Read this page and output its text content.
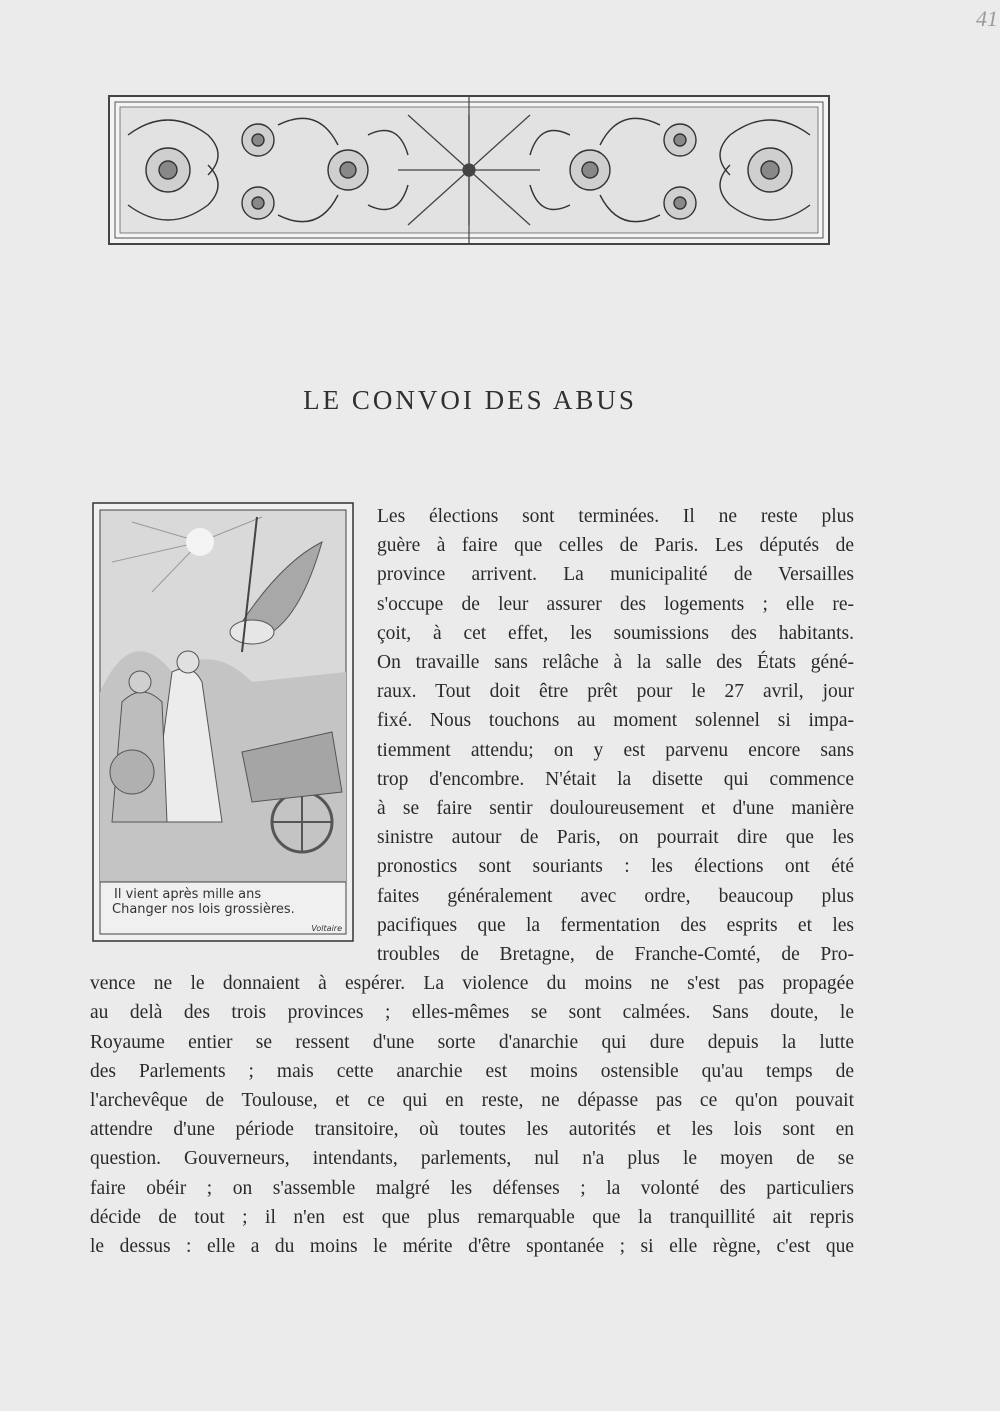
41
LE CONVOI DES ABUS
Il vient après mille ans
Changer nos lois grossières.
Voltaire
Les élections sont terminées. Il ne reste plus
guère à faire que celles de Paris. Les députés de
province arrivent. La municipalité de Versailles
s'occupe de leur assurer des logements ; elle re-
çoit, à cet effet, les soumissions des habitants.
On travaille sans relâche à la salle des États géné-
raux. Tout doit être prêt pour le 27 avril, jour
fixé. Nous touchons au moment solennel si impa-
tiemment attendu; on y est parvenu encore sans
trop d'encombre. N'était la disette qui commence
à se faire sentir douloureusement et d'une manière
sinistre autour de Paris, on pourrait dire que les
pronostics sont souriants : les élections ont été
faites généralement avec ordre, beaucoup plus
pacifiques que la fermentation des esprits et les
troubles de Bretagne, de Franche-Comté, de Pro-
vence ne le donnaient à espérer. La violence du moins ne s'est pas propagée
au delà des trois provinces ; elles-mêmes se sont calmées. Sans doute, le
Royaume entier se ressent d'une sorte d'anarchie qui dure depuis la lutte
des Parlements ; mais cette anarchie est moins ostensible qu'au temps de
l'archevêque de Toulouse, et ce qui en reste, ne dépasse pas ce qu'on pouvait
attendre d'une période transitoire, où toutes les autorités et les lois sont en
question. Gouverneurs, intendants, parlements, nul n'a plus le moyen de se
faire obéir ; on s'assemble malgré les défenses ; la volonté des particuliers
décide de tout ; il n'en est que plus remarquable que la tranquillité ait repris
le dessus : elle a du moins le mérite d'être spontanée ; si elle règne, c'est que
